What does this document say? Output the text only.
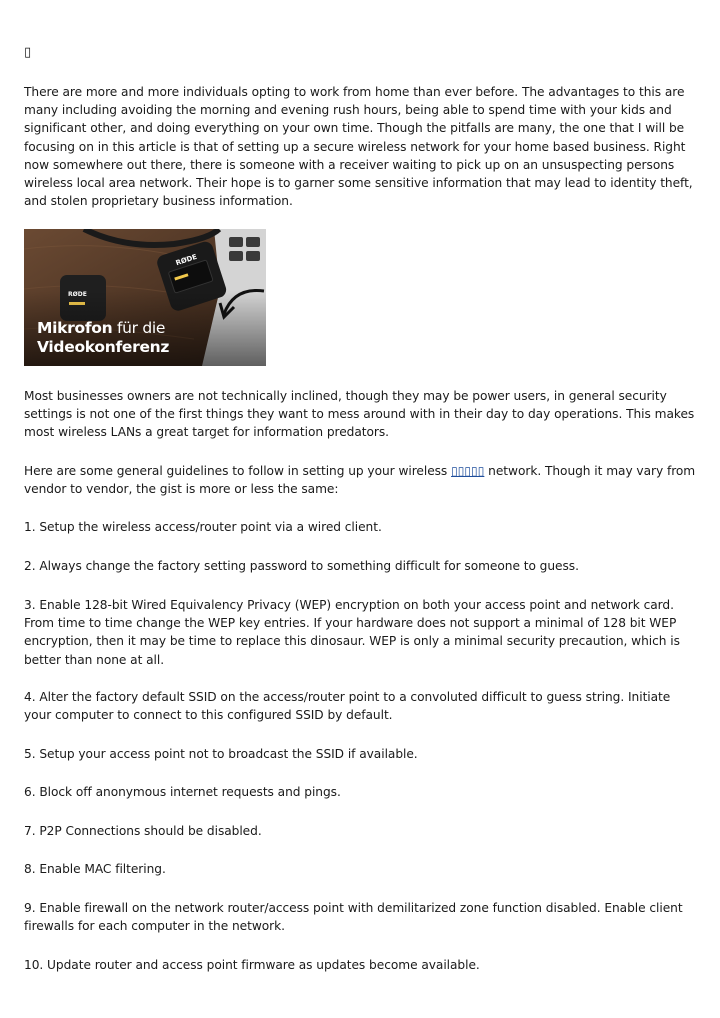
▯

There are more and more individuals opting to work from home than ever before. The advantages to this are many including avoiding the morning and evening rush hours, being able to spend time with your kids and significant other, and doing everything on your own time. Though the pitfalls are many, the one that I will be focusing on in this article is that of setting up a secure wireless network for your home based business. Right now somewhere out there, there is someone with a receiver waiting to pick up on an unsuspecting persons wireless local area network. Their hope is to garner some sensitive information that may lead to identity theft, and stolen proprietary business information.

Mikrofon für die
Videokonferenz

Most businesses owners are not technically inclined, though they may be power users, in general security settings is not one of the first things they want to mess around with in their day to day operations. This makes most wireless LANs a great target for information predators.

Here are some general guidelines to follow in setting up your wireless ▯▯▯▯▯ network. Though it may vary from vendor to vendor, the gist is more or less the same:

1. Setup the wireless access/router point via a wired client.

2. Always change the factory setting password to something difficult for someone to guess.

3. Enable 128-bit Wired Equivalency Privacy (WEP) encryption on both your access point and network card. From time to time change the WEP key entries. If your hardware does not support a minimal of 128 bit WEP encryption, then it may be time to replace this dinosaur. WEP is only a minimal security precaution, which is better than none at all.

4. Alter the factory default SSID on the access/router point to a convoluted difficult to guess string. Initiate your computer to connect to this configured SSID by default.

5. Setup your access point not to broadcast the SSID if available.

6. Block off anonymous internet requests and pings.

7. P2P Connections should be disabled.

8. Enable MAC filtering.

9. Enable firewall on the network router/access point with demilitarized zone function disabled. Enable client firewalls for each computer in the network.

10. Update router and access point firmware as updates become available.
